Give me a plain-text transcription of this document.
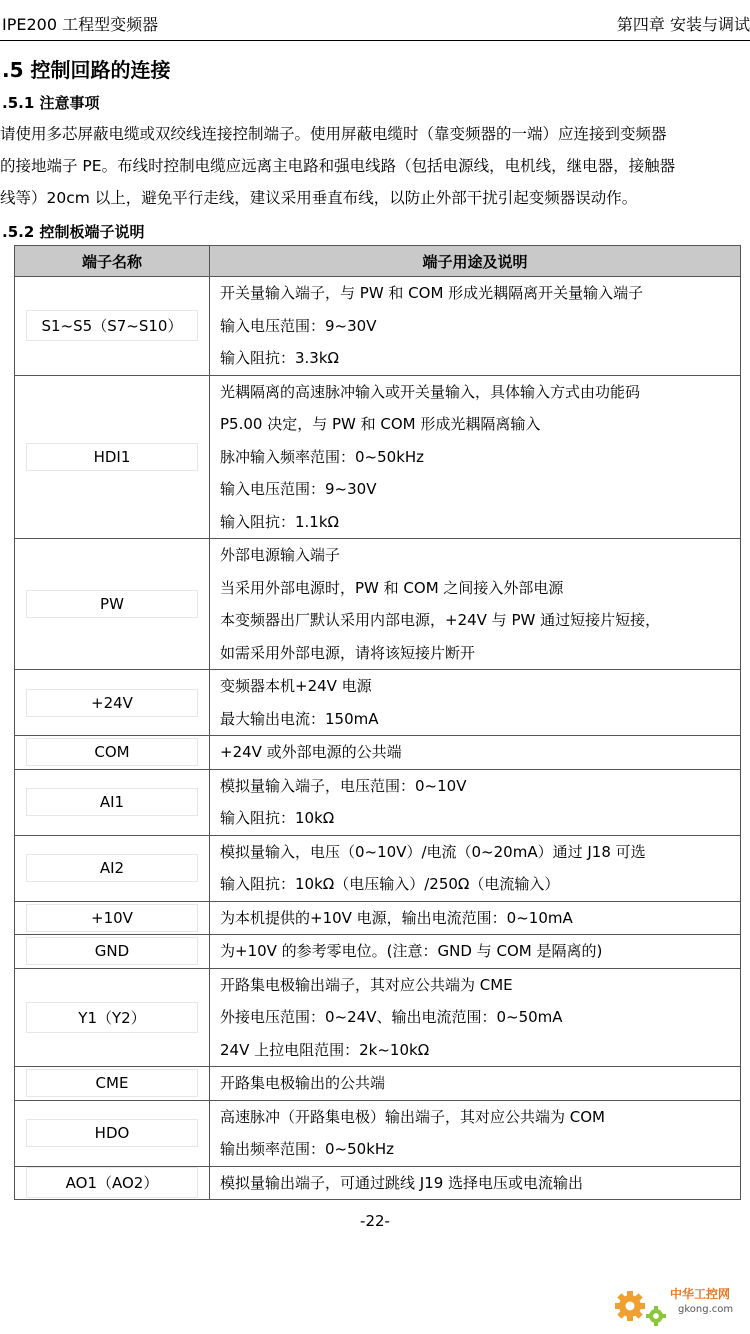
IPE200 工程型变频器	第四章 安装与调试
.5 控制回路的连接
.5.1 注意事项
请使用多芯屏蔽电缆或双绞线连接控制端子。使用屏蔽电缆时（靠变频器的一端）应连接到变频器
的接地端子 PE。布线时控制电缆应远离主电路和强电线路（包括电源线，电机线，继电器，接触器
线等）20cm 以上，避免平行走线，建议采用垂直布线，以防止外部干扰引起变频器误动作。
.5.2 控制板端子说明
端子名称	端子用途及说明

S1~S5（S7~S10）	开关量输入端子，与 PW 和 COM 形成光耦隔离开关量输入端子
输入电压范围：9~30V
输入阻抗：3.3kΩ

HDI1	光耦隔离的高速脉冲输入或开关量输入，具体输入方式由功能码
P5.00 决定，与 PW 和 COM 形成光耦隔离输入
脉冲输入频率范围：0~50kHz
输入电压范围：9~30V
输入阻抗：1.1kΩ

PW	外部电源输入端子
当采用外部电源时，PW 和 COM 之间接入外部电源
本变频器出厂默认采用内部电源，+24V 与 PW 通过短接片短接，
如需采用外部电源，请将该短接片断开

+24V	变频器本机+24V 电源
最大输出电流：150mA

COM	+24V 或外部电源的公共端

AI1	模拟量输入端子，电压范围：0~10V
输入阻抗：10kΩ

AI2	模拟量输入，电压（0~10V）/电流（0~20mA）通过 J18 可选
输入阻抗：10kΩ（电压输入）/250Ω（电流输入）

+10V	为本机提供的+10V 电源，输出电流范围：0~10mA

GND	为+10V 的参考零电位。(注意：GND 与 COM 是隔离的)

Y1（Y2）	开路集电极输出端子，其对应公共端为 CME
外接电压范围：0~24V、输出电流范围：0~50mA
24V 上拉电阻范围：2k~10kΩ

CME	开路集电极输出的公共端

HDO	高速脉冲（开路集电极）输出端子，其对应公共端为 COM
输出频率范围：0~50kHz

AO1（AO2）	模拟量输出端子，可通过跳线 J19 选择电压或电流输出
-22-
中华工控网
gkong.com
